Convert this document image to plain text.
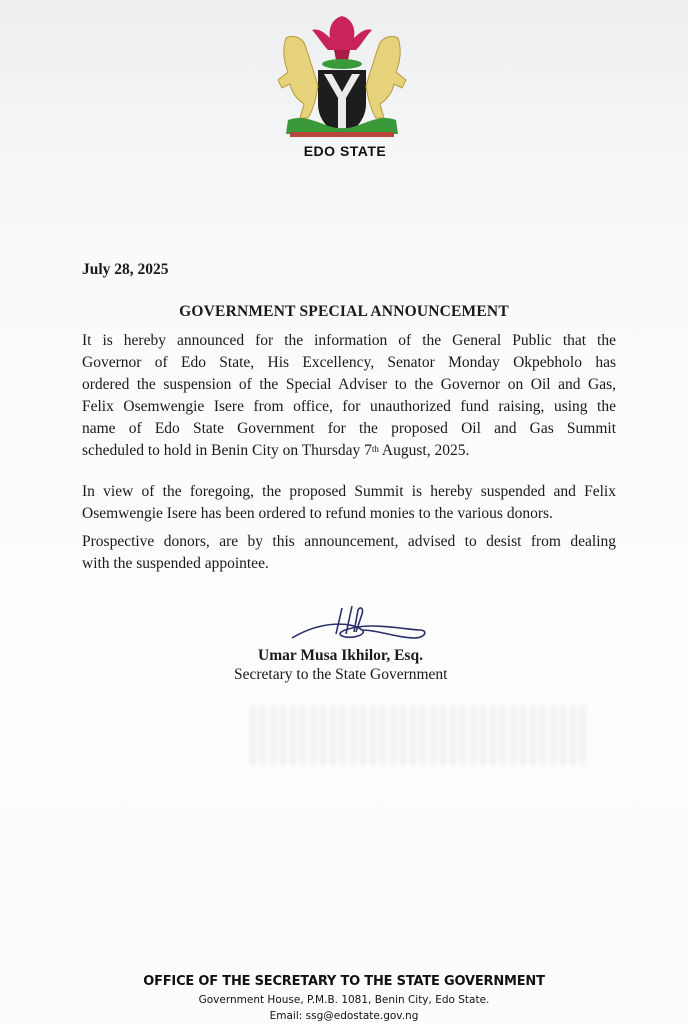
EDO STATE
July 28, 2025
GOVERNMENT SPECIAL ANNOUNCEMENT
It is hereby announced for the information of the General Public that the
Governor of Edo State, His Excellency, Senator Monday Okpebholo has
ordered the suspension of the Special Adviser to the Governor on Oil and Gas,
Felix Osemwengie Isere from office, for unauthorized fund raising, using the
name of Edo State Government for the proposed Oil and Gas Summit
scheduled to hold in Benin City on Thursday 7th August, 2025.
In view of the foregoing, the proposed Summit is hereby suspended and Felix
Osemwengie Isere has been ordered to refund monies to the various donors.
Prospective donors, are by this announcement, advised to desist from dealing
with the suspended appointee.
Umar Musa Ikhilor, Esq.
Secretary to the State Government
OFFICE OF THE SECRETARY TO THE STATE GOVERNMENT
Government House, P.M.B. 1081, Benin City, Edo State.
Email: ssg@edostate.gov.ng
